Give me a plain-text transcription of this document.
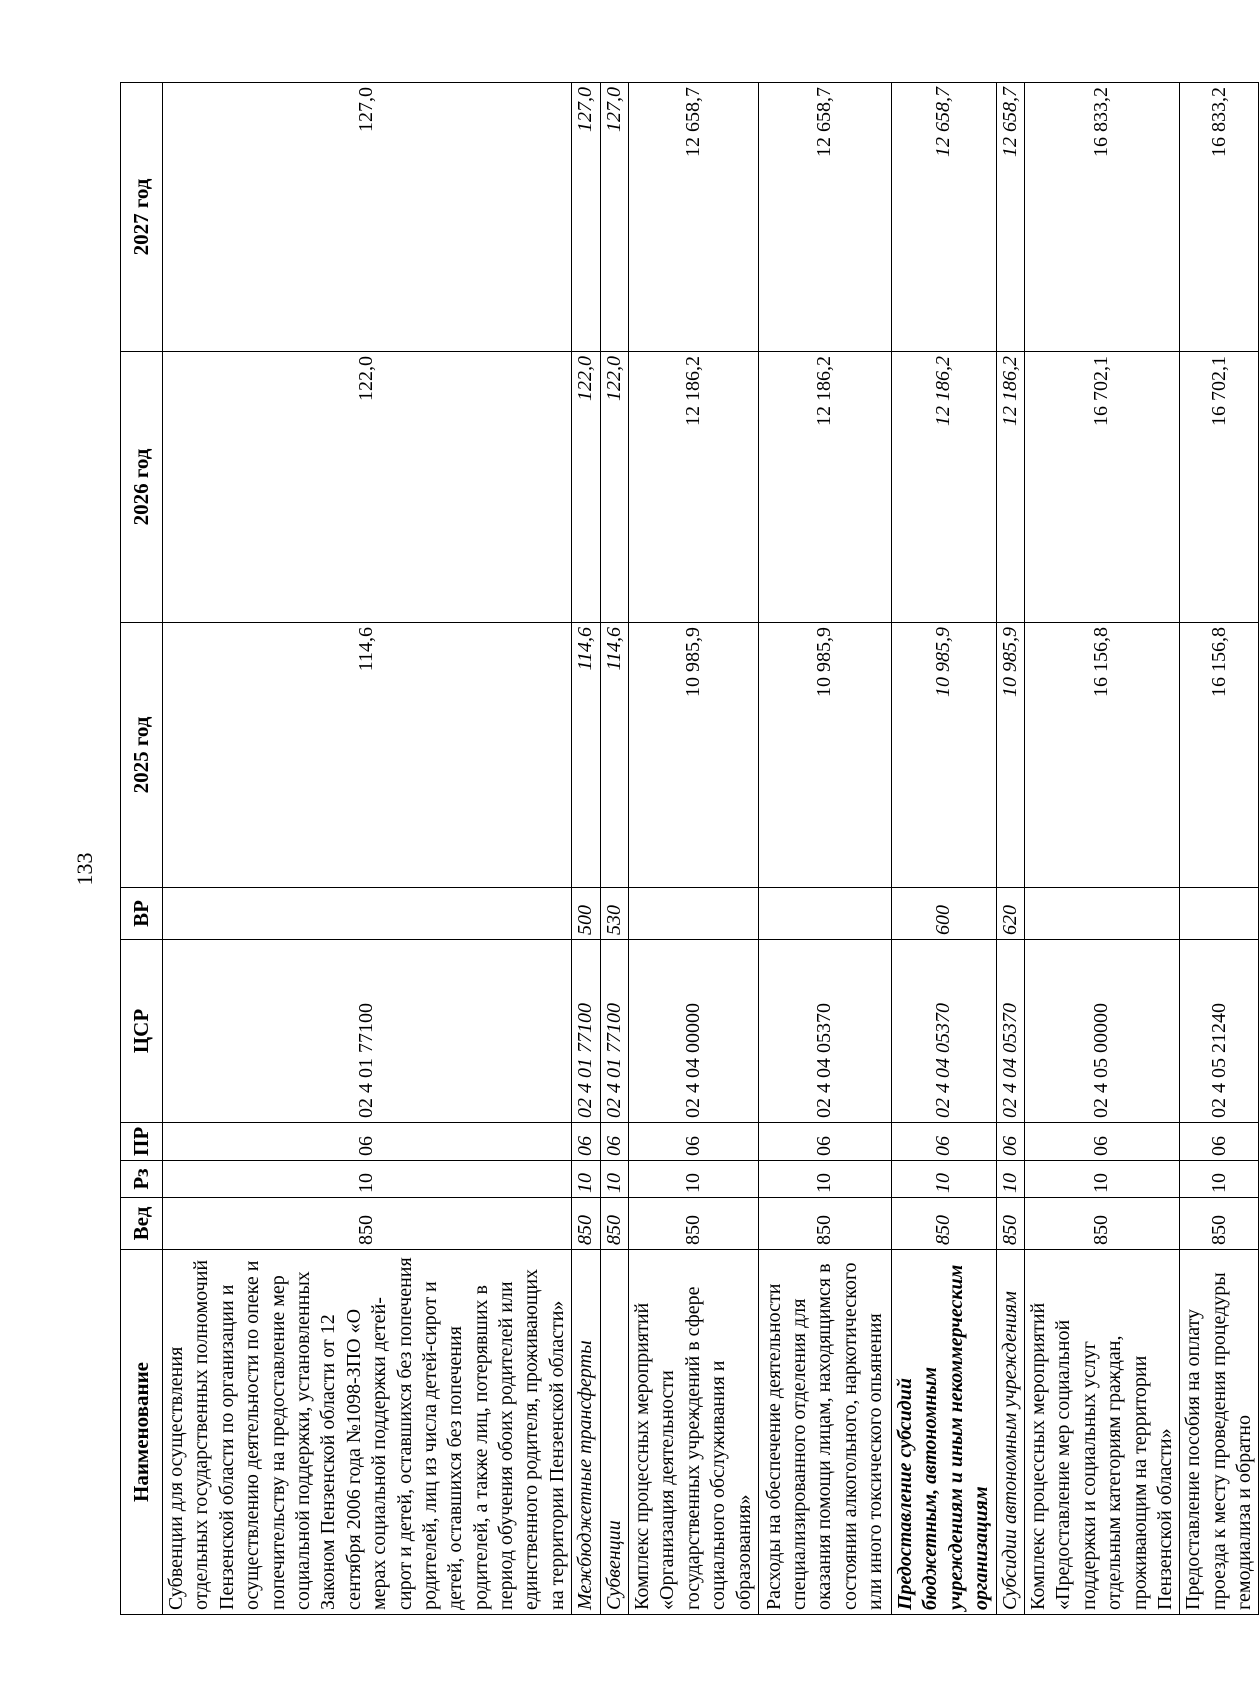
133
Наименование	Вед	Рз	ПР	ЦСР	ВР	2025 год	2026 год	2027 год
Субвенции для осуществления отдельных государственных полномочий Пензенской области по организации и осуществлению деятельности по опеке и попечительству на предоставление мер социальной поддержки, установленных Законом Пензенской области от 12 сентября 2006 года №1098-ЗПО «О мерах социальной поддержки детей-сирот и детей, оставшихся без попечения родителей, лиц из числа детей-сирот и детей, оставшихся без попечения родителей, а также лиц, потерявших в период обучения обоих родителей или единственного родителя, проживающих на территории Пензенской области»	850	10	06	02 4 01 77100		114,6	122,0	127,0
Межбюджетные трансферты	850	10	06	02 4 01 77100	500	114,6	122,0	127,0
Субвенции	850	10	06	02 4 01 77100	530	114,6	122,0	127,0
Комплекс процессных мероприятий «Организация деятельности государственных учреждений в сфере социального обслуживания и образования»	850	10	06	02 4 04 00000		10 985,9	12 186,2	12 658,7
Расходы на обеспечение деятельности специализированного отделения для оказания помощи лицам, находящимся в состоянии алкогольного, наркотического или иного токсического опьянения	850	10	06	02 4 04 05370		10 985,9	12 186,2	12 658,7
Предоставление субсидий бюджетным, автономным учреждениям и иным некоммерческим организациям	850	10	06	02 4 04 05370	600	10 985,9	12 186,2	12 658,7
Субсидии автономным учреждениям	850	10	06	02 4 04 05370	620	10 985,9	12 186,2	12 658,7
Комплекс процессных мероприятий «Предоставление мер социальной поддержки и социальных услуг отдельным категориям граждан, проживающим на территории Пензенской области»	850	10	06	02 4 05 00000		16 156,8	16 702,1	16 833,2
Предоставление пособия на оплату проезда к месту проведения процедуры гемодиализа и обратно	850	10	06	02 4 05 21240		16 156,8	16 702,1	16 833,2
